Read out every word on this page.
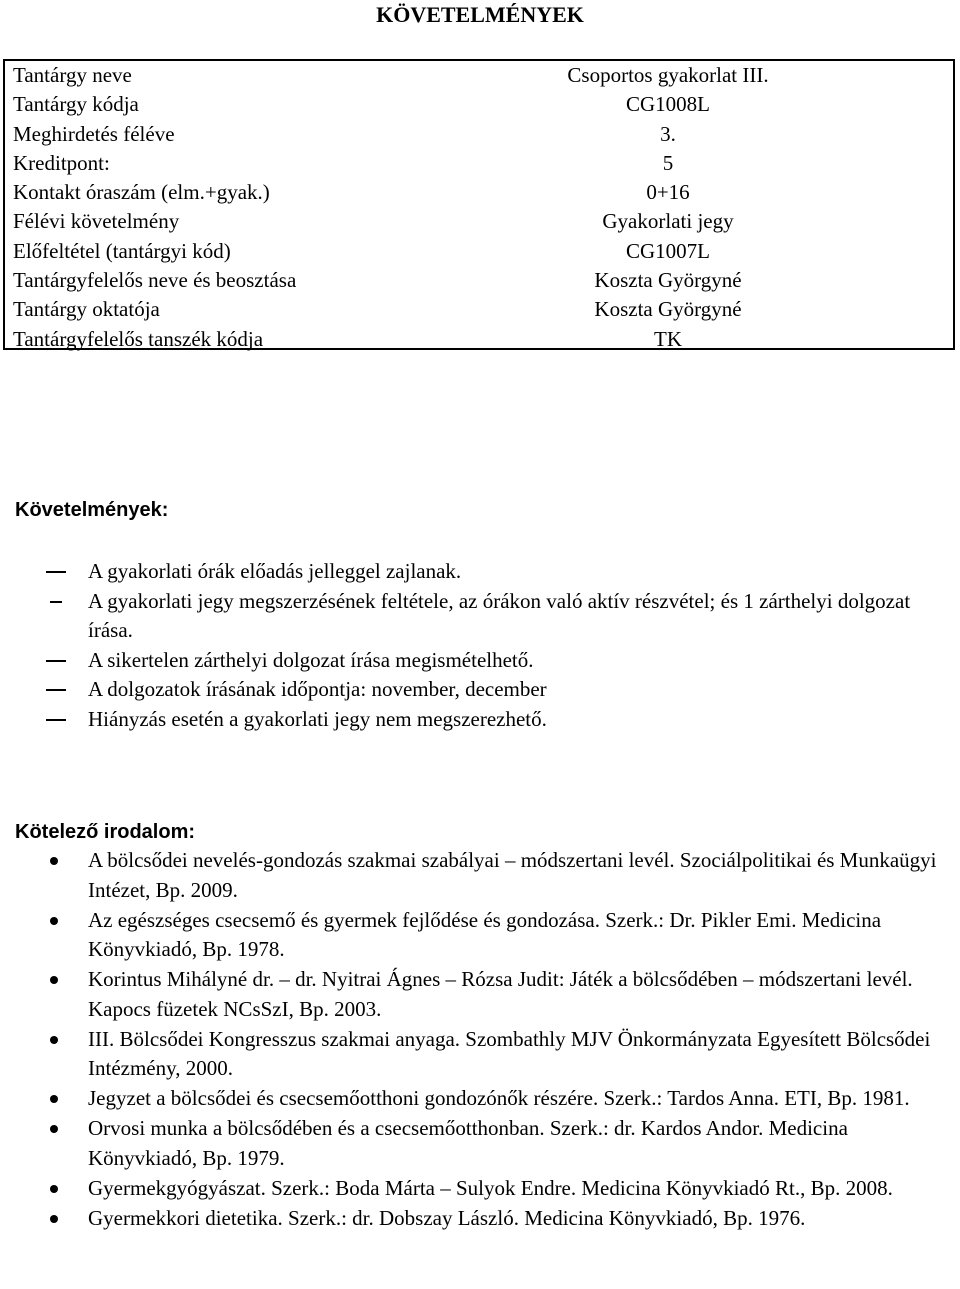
KÖVETELMÉNYEK
Tantárgy neve	Csoportos gyakorlat III.
Tantárgy kódja	CG1008L
Meghirdetés féléve	3.
Kreditpont:	5
Kontakt óraszám (elm.+gyak.)	0+16
Félévi követelmény	Gyakorlati jegy
Előfeltétel (tantárgyi kód)	CG1007L
Tantárgyfelelős neve és beosztása	Koszta Györgyné
Tantárgy oktatója	Koszta Györgyné
Tantárgyfelelős tanszék kódja	TK
Követelmények:
A gyakorlati órák előadás jelleggel zajlanak.
A gyakorlati jegy megszerzésének feltétele, az órákon való aktív részvétel; és 1 zárthelyi dolgozat írása.
A sikertelen zárthelyi dolgozat írása megismételhető.
A dolgozatok írásának időpontja: november, december
Hiányzás esetén a gyakorlati jegy nem megszerezhető.
Kötelező irodalom:
A bölcsődei nevelés-gondozás szakmai szabályai – módszertani levél. Szociálpolitikai és Munkaügyi Intézet, Bp. 2009.
Az egészséges csecsemő és gyermek fejlődése és gondozása. Szerk.: Dr. Pikler Emi. Medicina Könyvkiadó, Bp. 1978.
Korintus Mihályné dr. – dr. Nyitrai Ágnes – Rózsa Judit: Játék a bölcsődében – módszertani levél. Kapocs füzetek NCsSzI, Bp. 2003.
III. Bölcsődei Kongresszus szakmai anyaga. Szombathly MJV Önkormányzata Egyesített Bölcsődei Intézmény, 2000.
Jegyzet a bölcsődei és csecsemőotthoni gondozónők részére. Szerk.: Tardos Anna. ETI, Bp. 1981.
Orvosi munka a bölcsődében és a csecsemőotthonban. Szerk.: dr. Kardos Andor. Medicina Könyvkiadó, Bp. 1979.
Gyermekgyógyászat. Szerk.: Boda Márta – Sulyok Endre. Medicina Könyvkiadó Rt., Bp. 2008.
Gyermekkori dietetika. Szerk.: dr. Dobszay László. Medicina Könyvkiadó, Bp. 1976.
